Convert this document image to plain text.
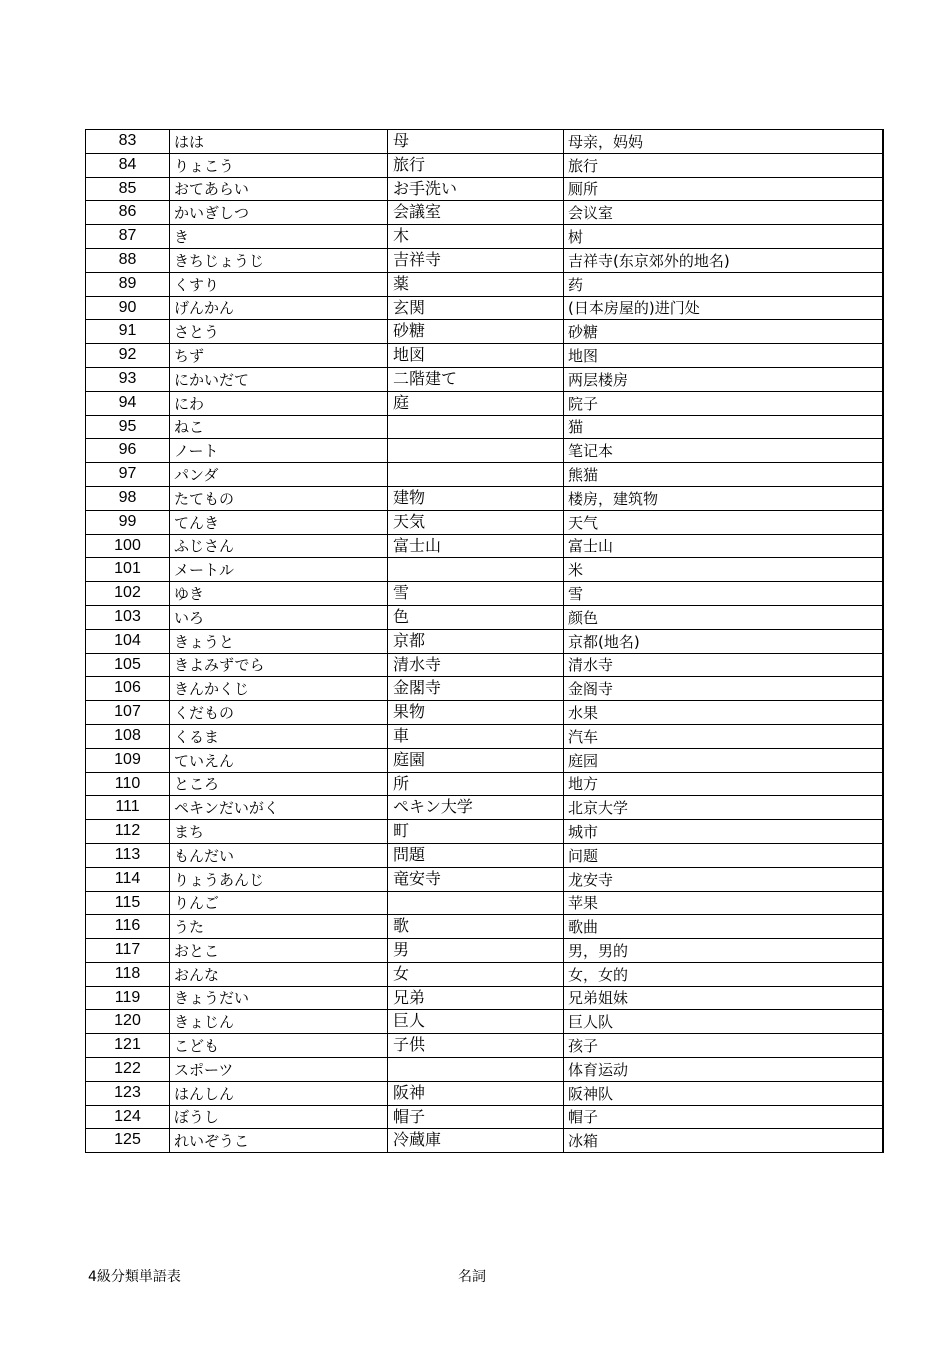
83	はは	母	母亲，妈妈
84	りょこう	旅行	旅行
85	おてあらい	お手洗い	厕所
86	かいぎしつ	会議室	会议室
87	き	木	树
88	きちじょうじ	吉祥寺	吉祥寺(东京郊外的地名)
89	くすり	薬	药
90	げんかん	玄関	(日本房屋的)进门处
91	さとう	砂糖	砂糖
92	ちず	地図	地图
93	にかいだて	二階建て	两层楼房
94	にわ	庭	院子
95	ねこ		猫
96	ノート		笔记本
97	パンダ		熊猫
98	たてもの	建物	楼房，建筑物
99	てんき	天気	天气
100	ふじさん	富士山	富士山
101	メートル		米
102	ゆき	雪	雪
103	いろ	色	颜色
104	きょうと	京都	京都(地名)
105	きよみずでら	清水寺	清水寺
106	きんかくじ	金閣寺	金阁寺
107	くだもの	果物	水果
108	くるま	車	汽车
109	ていえん	庭園	庭园
110	ところ	所	地方
111	ペキンだいがく	ペキン大学	北京大学
112	まち	町	城市
113	もんだい	問題	问题
114	りょうあんじ	竜安寺	龙安寺
115	りんご		苹果
116	うた	歌	歌曲
117	おとこ	男	男，男的
118	おんな	女	女，女的
119	きょうだい	兄弟	兄弟姐妹
120	きょじん	巨人	巨人队
121	こども	子供	孩子
122	スポーツ		体育运动
123	はんしん	阪神	阪神队
124	ぼうし	帽子	帽子
125	れいぞうこ	冷蔵庫	冰箱
4級分類単語表	名詞
